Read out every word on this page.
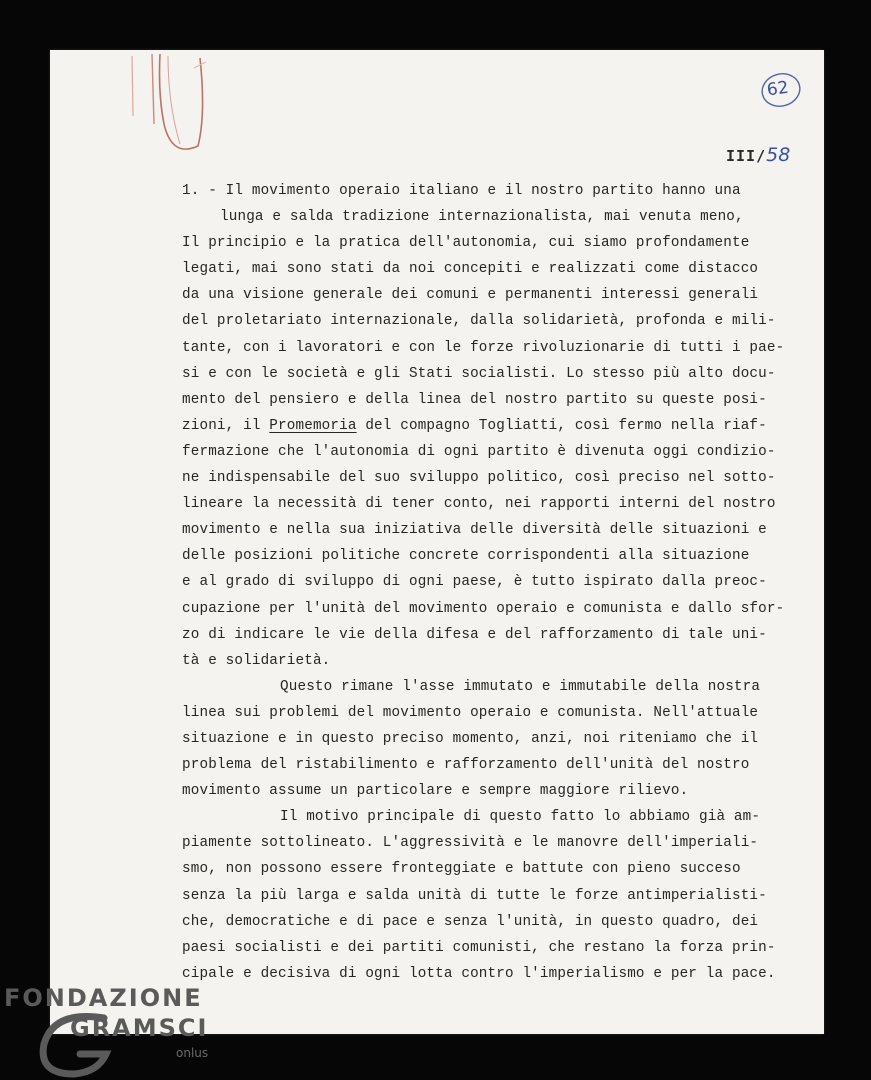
62
III/58
1. - Il movimento operaio italiano e il nostro partito hanno una
lunga e salda tradizione internazionalista, mai venuta meno,
Il principio e la pratica dell'autonomia, cui siamo profondamente
legati, mai sono stati da noi concepiti e realizzati come distacco
da una visione generale dei comuni e permanenti interessi generali
del proletariato internazionale, dalla solidarietà, profonda e mili-
tante, con i lavoratori e con le forze rivoluzionarie di tutti i pae-
si e con le società e gli Stati socialisti. Lo stesso più alto docu-
mento del pensiero e della linea del nostro partito su queste posi-
zioni, il Promemoria del compagno Togliatti, così fermo nella riaf-
fermazione che l'autonomia di ogni partito è divenuta oggi condizio-
ne indispensabile del suo sviluppo politico, così preciso nel sotto-
lineare la necessità di tener conto, nei rapporti interni del nostro
movimento e nella sua iniziativa delle diversità delle situazioni e
delle posizioni politiche concrete corrispondenti alla situazione
e al grado di sviluppo di ogni paese, è tutto ispirato dalla preoc-
cupazione per l'unità del movimento operaio e comunista e dallo sfor-
zo di indicare le vie della difesa e del rafforzamento di tale uni-
tà e solidarietà.
Questo rimane l'asse immutato e immutabile della nostra
linea sui problemi del movimento operaio e comunista. Nell'attuale
situazione e in questo preciso momento, anzi, noi riteniamo che il
problema del ristabilimento e rafforzamento dell'unità del nostro
movimento assume un particolare e sempre maggiore rilievo.
Il motivo principale di questo fatto lo abbiamo già am-
piamente sottolineato. L'aggressività e le manovre dell'imperiali-
smo, non possono essere fronteggiate e battute con pieno succeso
senza la più larga e salda unità di tutte le forze antimperialisti-
che, democratiche e di pace e senza l'unità, in questo quadro, dei
paesi socialisti e dei partiti comunisti, che restano la forza prin-
cipale e decisiva di ogni lotta contro l'imperialismo e per la pace.
FONDAZIONE
GRAMSCI
onlus
